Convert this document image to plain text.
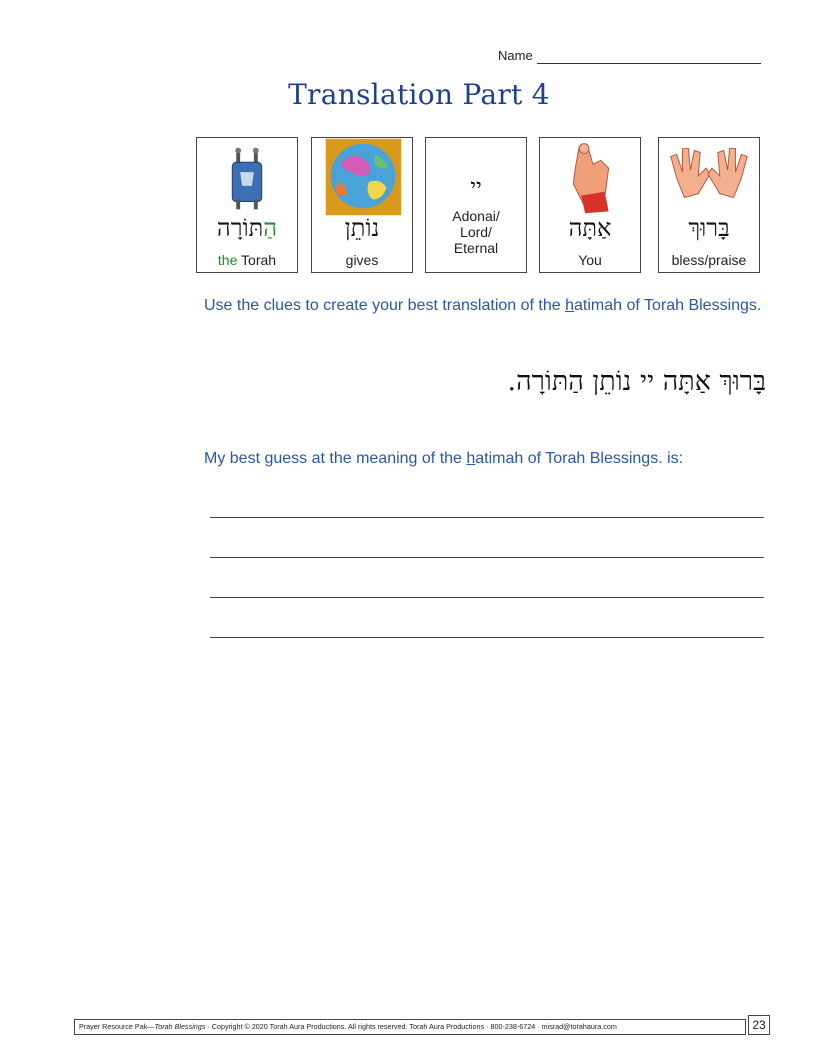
Name
Translation Part 4
הַתּוֹרָה
the Torah
נוֹתֵן
gives
יי
Adonai/
Lord/
Eternal
אַתָּה
You
בָּרוּךְ
bless/praise
Use the clues to create your best translation of the hatimah of Torah Blessings.
בָּרוּךְ אַתָּה יי נוֹתֵן הַתּוֹרָה.
My best guess at the meaning of the hatimah of Torah Blessings. is:
Prayer Resource Pak—Torah Blessings · Copyright © 2020 Torah Aura Productions. All rights reserved. Torah Aura Productions · 800-238-6724 · misrad@torahaura.com	23
